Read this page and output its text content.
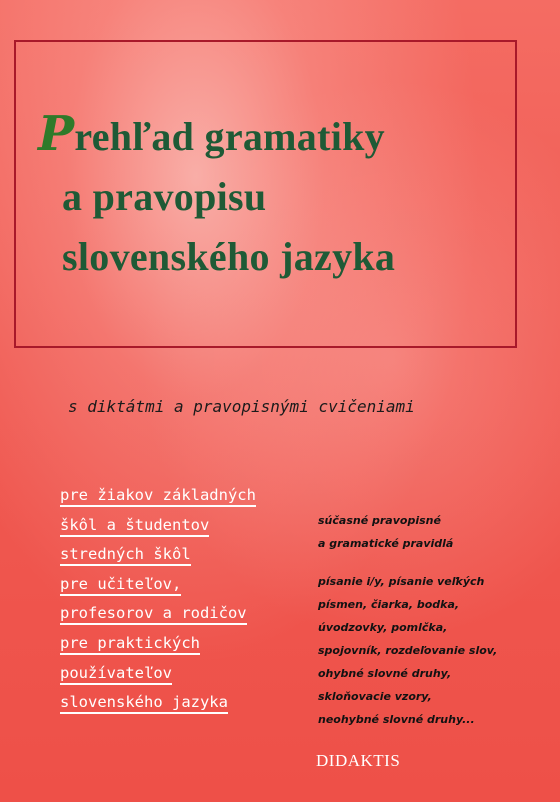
Prehľad gramatiky
a pravopisu
slovenského jazyka

s diktátmi a pravopisnými cvičeniami

pre žiakov základných
škôl a študentov
stredných škôl
pre učiteľov,
profesorov a rodičov
pre praktických
používateľov
slovenského jazyka
súčasné pravopisné
a gramatické pravidlá
písanie i/y, písanie veľkých
písmen, čiarka, bodka,
úvodzovky, pomlčka,
spojovník, rozdeľovanie slov,
ohybné slovné druhy,
skloňovacie vzory,
neohybné slovné druhy...

DIDAKTIS
